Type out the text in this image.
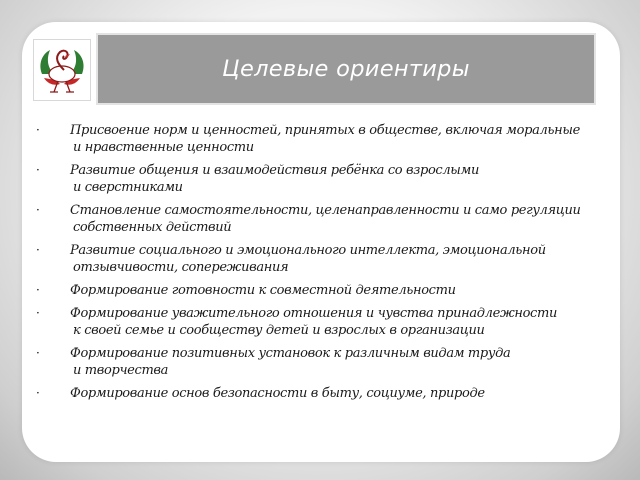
Целевые ориентиры
· Присвоение норм и ценностей, принятых в обществе, включая моральные
и нравственные ценности
· Развитие общения и взаимодействия ребёнка со взрослыми
и сверстниками
· Становление самостоятельности, целенаправленности и само регуляции
собственных действий
· Развитие социального и эмоционального интеллекта, эмоциональной
отзывчивости, сопереживания
· Формирование готовности к совместной деятельности
· Формирование уважительного отношения и чувства принадлежности
к своей семье и сообществу детей и взрослых в организации
· Формирование позитивных установок к различным видам труда
и творчества
· Формирование основ безопасности в быту, социуме, природе
